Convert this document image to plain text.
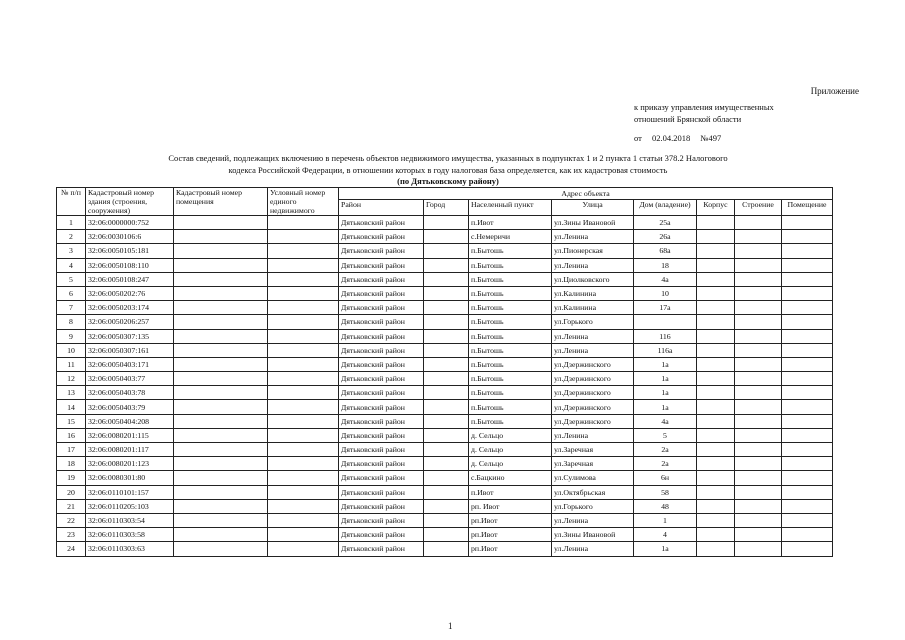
Приложение
к приказу управления имущественных
отношений Брянской области
от 02.04.2018 №497
Состав сведений, подлежащих включению в перечень объектов недвижимого имущества, указанных в подпунктах 1 и 2 пункта 1 статьи 378.2 Налогового
кодекса Российской Федерации, в отношении которых в году налоговая база определяется, как их кадастровая стоимость
(по Дятьковскому району)
№ п/п	Кадастровый номер здания (строения, сооружения)	Кадастровый номер помещения	Условный номер единого недвижимого	Адрес объекта							
				Район	Город	Населенный пункт	Улица	Дом (владение)	Корпус	Строение	Помещение
1	32:06:0000000:752			Дятьковский район		п.Ивот	ул.Зины Ивановой	25а			
2	32:06:0030106:6			Дятьковский район		с.Немеричи	ул.Ленина	26а			
3	32:06:0050105:181			Дятьковский район		п.Бытошь	ул.Пионерская	68а			
4	32:06:0050108:110			Дятьковский район		п.Бытошь	ул.Ленина	18			
5	32:06:0050108:247			Дятьковский район		п.Бытошь	ул.Циолковского	4а			
6	32:06:0050202:76			Дятьковский район		п.Бытошь	ул.Калинина	10			
7	32:06:0050203:174			Дятьковский район		п.Бытошь	ул.Калинина	17а			
8	32:06:0050206:257			Дятьковский район		п.Бытошь	ул.Горького				
9	32:06:0050307:135			Дятьковский район		п.Бытошь	ул.Ленина	116			
10	32:06:0050307:161			Дятьковский район		п.Бытошь	ул.Ленина	116а			
11	32:06:0050403:171			Дятьковский район		п.Бытошь	ул.Дзержинского	1а			
12	32:06:0050403:77			Дятьковский район		п.Бытошь	ул.Дзержинского	1а			
13	32:06:0050403:78			Дятьковский район		п.Бытошь	ул.Дзержинского	1а			
14	32:06:0050403:79			Дятьковский район		п.Бытошь	ул.Дзержинского	1а			
15	32:06:0050404:208			Дятьковский район		п.Бытошь	ул.Дзержинского	4а			
16	32:06:0080201:115			Дятьковский район		д. Сельцо	ул.Ленина	5			
17	32:06:0080201:117			Дятьковский район		д. Сельцо	ул.Заречная	2а			
18	32:06:0080201:123			Дятьковский район		д. Сельцо	ул.Заречная	2а			
19	32:06:0080301:80			Дятьковский район		с.Бацкино	ул.Сулимова	6н			
20	32:06:0110101:157			Дятьковский район		п.Ивот	ул.Октябрьская	58			
21	32:06:0110205:103			Дятьковский район		рп. Ивот	ул.Горького	48			
22	32:06:0110303:54			Дятьковский район		рп.Ивот	ул.Ленина	1			
23	32:06:0110303:58			Дятьковский район		рп.Ивот	ул.Зины Ивановой	4			
24	32:06:0110303:63			Дятьковский район		рп.Ивот	ул.Ленина	1а			
1
